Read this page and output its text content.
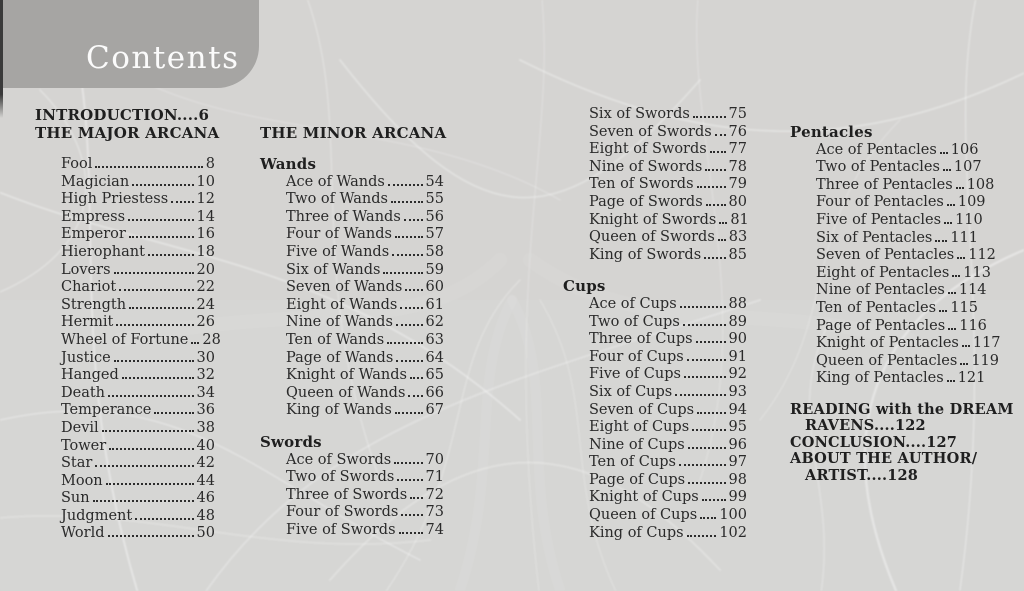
Contents
INTRODUCTION....6
THE MAJOR ARCANA
Fool	8
Magician	10
High Priestess 12
Empress	14
Emperor	16
Hierophant	18
Lovers	20
Chariot	22
Strength	24
Hermit	26
Wheel of Fortune 28
Justice	30
Hanged	32
Death	34
Temperance	36
Devil	38
Tower	40
Star	42
Moon	44
Sun	46
Judgment	48
World	50
THE MINOR ARCANA
Wands
Ace of Wands	54
Two of Wands	55
Three of Wands 56
Four of Wands 57
Five of Wands	58
Six of Wands	59
Seven of Wands 60
Eight of Wands 61
Nine of Wands 62
Ten of Wands	63
Page of Wands 64
Knight of Wands 65
Queen of Wands 66
King of Wands 67
Swords
Ace of Swords 70
Two of Swords 71
Three of Swords 72
Four of Swords 73
Five of Swords 74
Six of Swords	75
Seven of Swords 76
Eight of Swords 77
Nine of Swords 78
Ten of Swords 79
Page of Swords 80
Knight of Swords 81
Queen of Swords 83
King of Swords 85
Cups
Ace of Cups	88
Two of Cups	89
Three of Cups 90
Four of Cups	91
Five of Cups	92
Six of Cups	93
Seven of Cups 94
Eight of Cups	95
Nine of Cups	96
Ten of Cups	97
Page of Cups	98
Knight of Cups 99
Queen of Cups 100
King of Cups 102
Pentacles
Ace of Pentacles 106
Two of Pentacles 107
Three of Pentacles 108
Four of Pentacles 109
Five of Pentacles 110
Six of Pentacles 111
Seven of Pentacles 112
Eight of Pentacles 113
Nine of Pentacles 114
Ten of Pentacles 115
Page of Pentacles 116
Knight of Pentacles 117
Queen of Pentacles 119
King of Pentacles 121
READING with the DREAM
RAVENS....122
CONCLUSION....127
ABOUT THE AUTHOR/
ARTIST....128
